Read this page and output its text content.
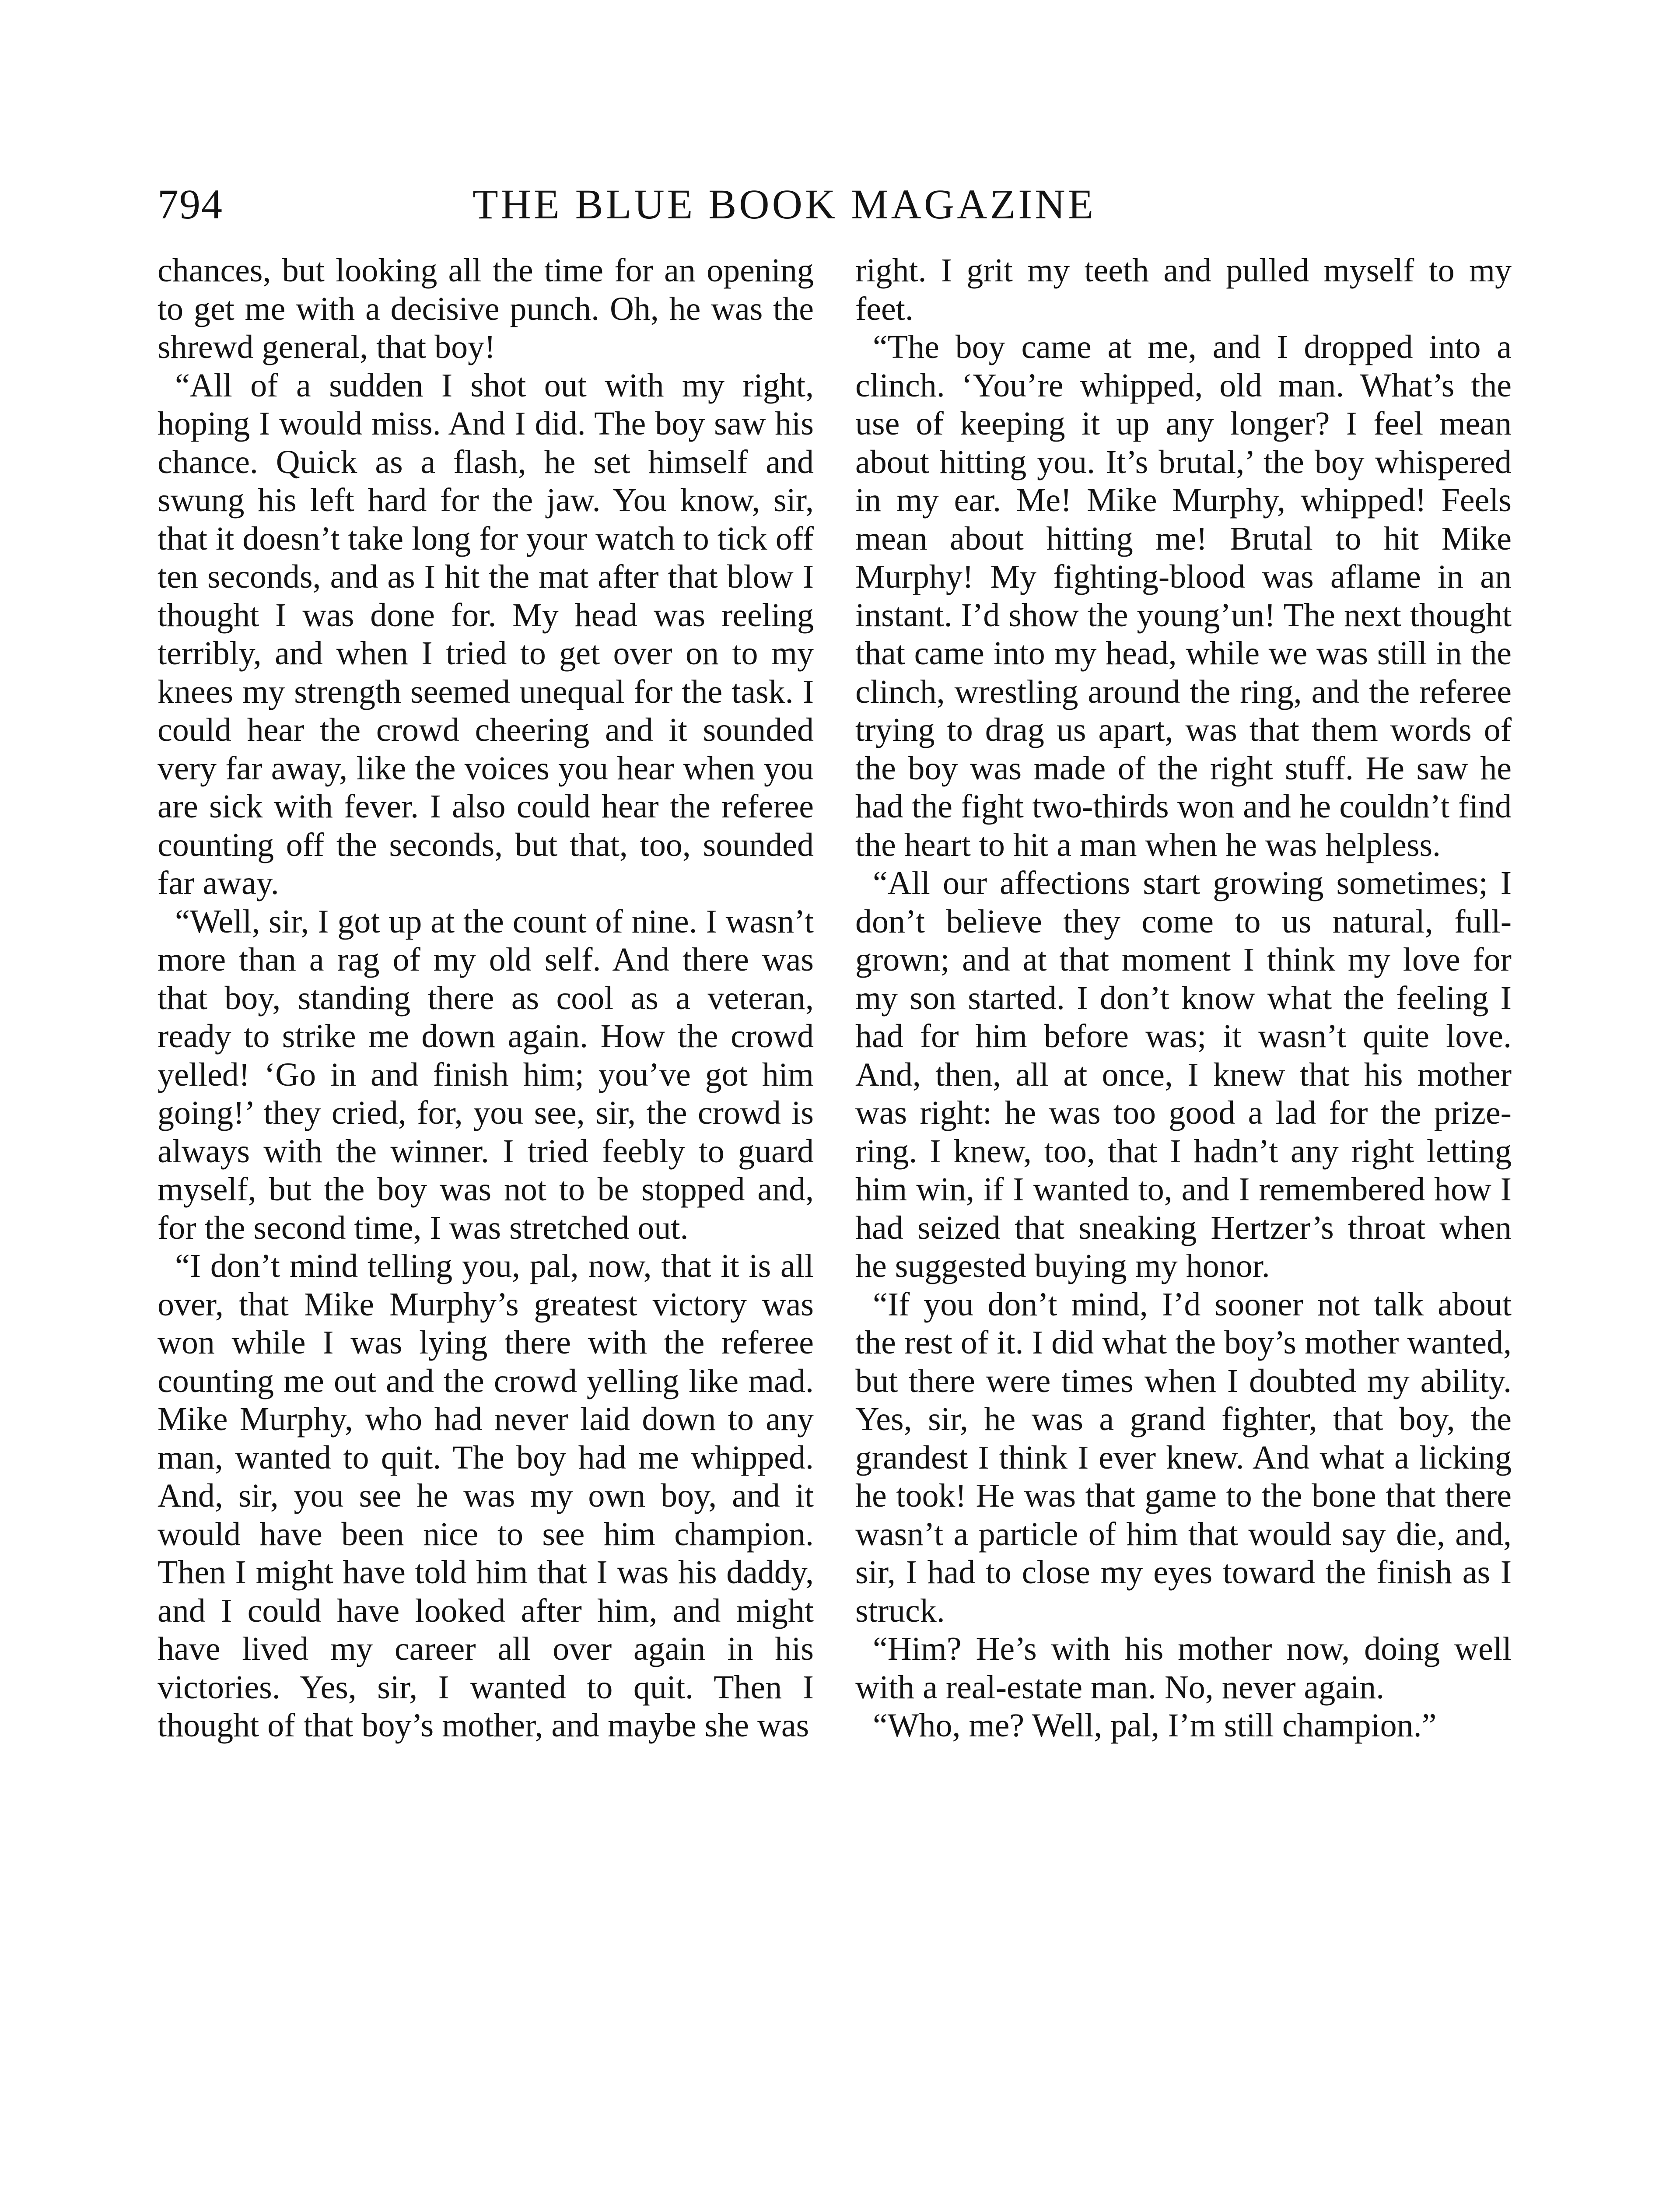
794	THE BLUE BOOK MAGAZINE

chances, but looking all the time for an opening to get me with a decisive punch. Oh, he was the shrewd general, that boy!

“All of a sudden I shot out with my right, hoping I would miss. And I did. The boy saw his chance. Quick as a flash, he set himself and swung his left hard for the jaw. You know, sir, that it doesn’t take long for your watch to tick off ten seconds, and as I hit the mat after that blow I thought I was done for. My head was reeling terribly, and when I tried to get over on to my knees my strength seemed unequal for the task. I could hear the crowd cheering and it sounded very far away, like the voices you hear when you are sick with fever. I also could hear the referee counting off the seconds, but that, too, sounded far away.

“Well, sir, I got up at the count of nine. I wasn’t more than a rag of my old self. And there was that boy, standing there as cool as a veteran, ready to strike me down again. How the crowd yelled! ‘Go in and finish him; you’ve got him going!’ they cried, for, you see, sir, the crowd is always with the winner. I tried feebly to guard myself, but the boy was not to be stopped and, for the second time, I was stretched out.

“I don’t mind telling you, pal, now, that it is all over, that Mike Murphy’s greatest victory was won while I was lying there with the referee counting me out and the crowd yelling like mad. Mike Murphy, who had never laid down to any man, wanted to quit. The boy had me whipped. And, sir, you see he was my own boy, and it would have been nice to see him champion. Then I might have told him that I was his daddy, and I could have looked after him, and might have lived my career all over again in his victories. Yes, sir, I wanted to quit. Then I thought of that boy’s mother, and maybe she was

right. I grit my teeth and pulled myself to my feet.

“The boy came at me, and I dropped into a clinch. ‘You’re whipped, old man. What’s the use of keeping it up any longer? I feel mean about hitting you. It’s brutal,’ the boy whispered in my ear. Me! Mike Murphy, whipped! Feels mean about hitting me! Brutal to hit Mike Murphy! My fighting-blood was aflame in an instant. I’d show the young’un! The next thought that came into my head, while we was still in the clinch, wrestling around the ring, and the referee trying to drag us apart, was that them words of the boy was made of the right stuff. He saw he had the fight two-thirds won and he couldn’t find the heart to hit a man when he was helpless.

“All our affections start growing sometimes; I don’t believe they come to us natural, full-grown; and at that moment I think my love for my son started. I don’t know what the feeling I had for him before was; it wasn’t quite love. And, then, all at once, I knew that his mother was right: he was too good a lad for the prize-ring. I knew, too, that I hadn’t any right letting him win, if I wanted to, and I remembered how I had seized that sneaking Hertzer’s throat when he suggested buying my honor.

“If you don’t mind, I’d sooner not talk about the rest of it. I did what the boy’s mother wanted, but there were times when I doubted my ability. Yes, sir, he was a grand fighter, that boy, the grandest I think I ever knew. And what a licking he took! He was that game to the bone that there wasn’t a particle of him that would say die, and, sir, I had to close my eyes toward the finish as I struck.

“Him? He’s with his mother now, doing well with a real-estate man. No, never again.

“Who, me? Well, pal, I’m still champion.”
